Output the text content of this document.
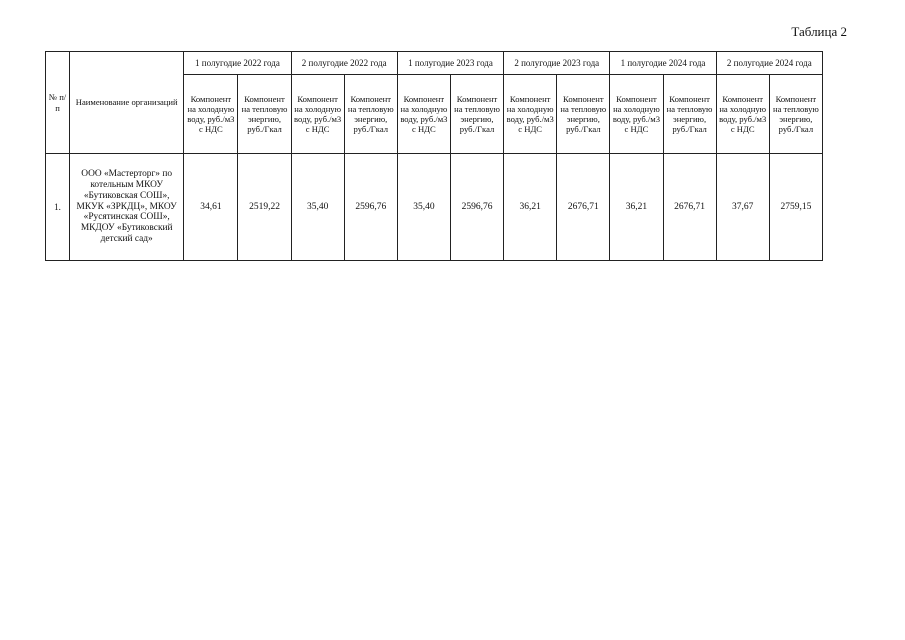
Таблица 2
№ п/п	Наименование организаций	1 полугодие 2022 года		2 полугодие 2022 года		1 полугодие 2023 года		2 полугодие 2023 года		1 полугодие 2024 года		2 полугодие 2024 года	
		Компонент на холодную воду, руб./м3 с НДС	Компонент на тепловую энергию, руб./Гкал	Компонент на холодную воду, руб./м3 с НДС	Компонент на тепловую энергию, руб./Гкал	Компонент на холодную воду, руб./м3 с НДС	Компонент на тепловую энергию, руб./Гкал	Компонент на холодную воду, руб./м3 с НДС	Компонент на тепловую энергию, руб./Гкал	Компонент на холодную воду, руб./м3 с НДС	Компонент на тепловую энергию, руб./Гкал	Компонент на холодную воду, руб./м3 с НДС	Компонент на тепловую энергию, руб./Гкал
1.	ООО «Мастерторг» по котельным МКОУ «Бутиковская СОШ», МКУК «ЗРКДЦ», МКОУ «Русятинская СОШ», МКДОУ «Бутиковский детский сад»	34,61	2519,22	35,40	2596,76	35,40	2596,76	36,21	2676,71	36,21	2676,71	37,67	2759,15
